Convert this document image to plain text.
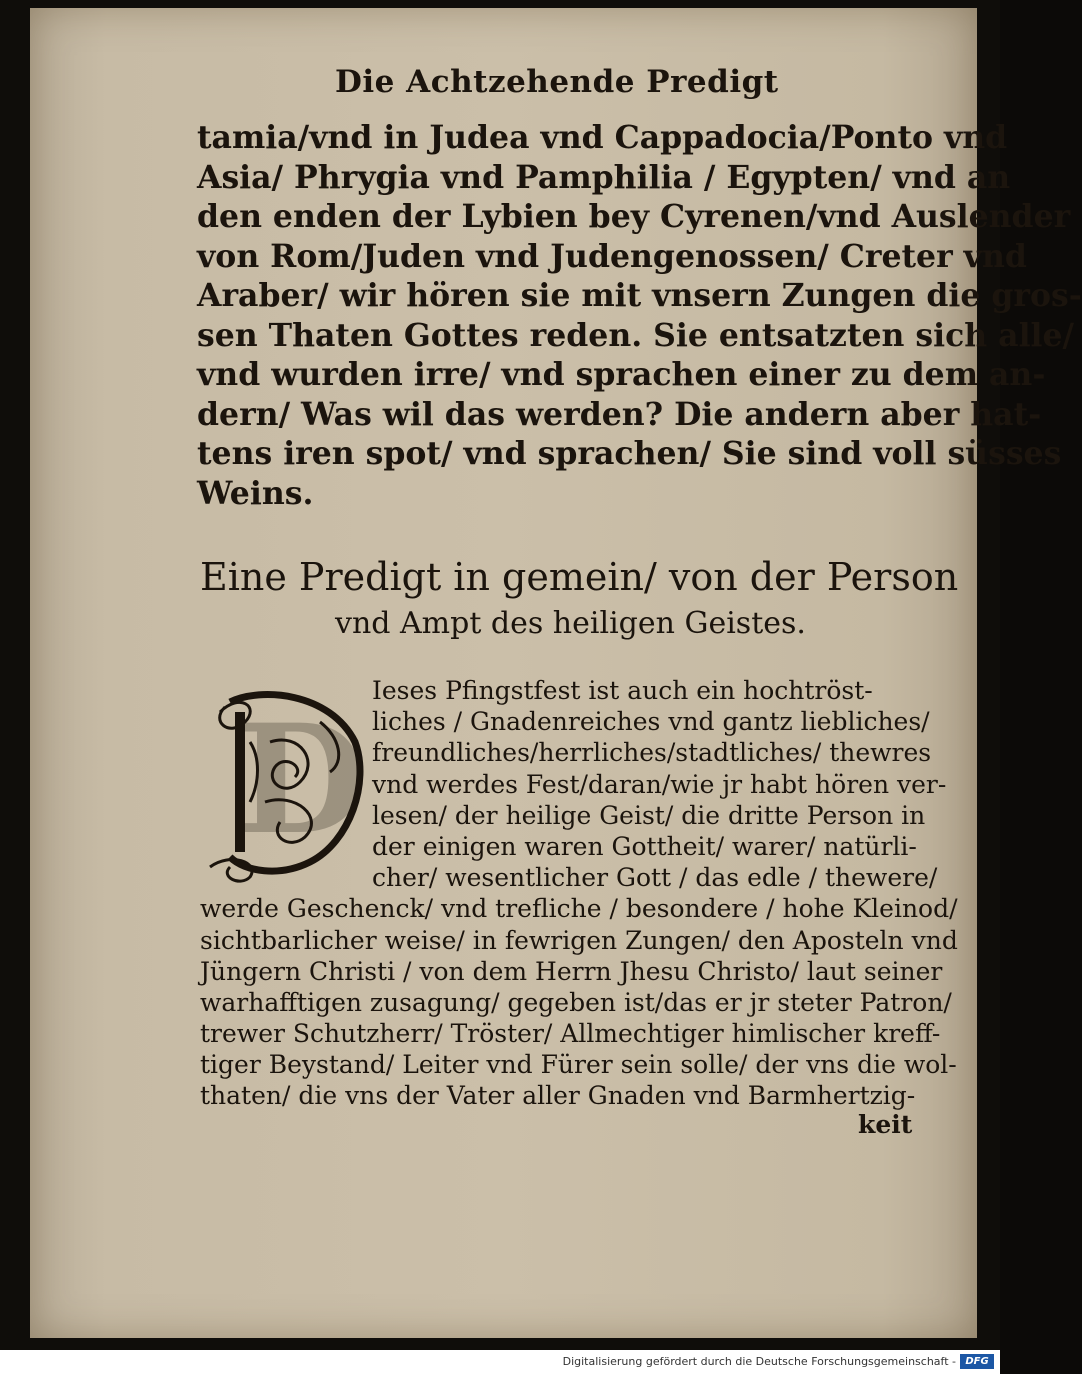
Die Achtzehende Predigt
tamia/vnd in Judea vnd Cappadocia/Ponto vnd
Asia/ Phrygia vnd Pamphilia / Egypten/ vnd an
den enden der Lybien bey Cyrenen/vnd Auslender
von Rom/Juden vnd Judengenossen/ Creter vnd
Araber/ wir hören sie mit vnsern Zungen die gros-
sen Thaten Gottes reden. Sie entsatzten sich alle/
vnd wurden irre/ vnd sprachen einer zu dem an-
dern/ Was wil das werden? Die andern aber hat-
tens iren spot/ vnd sprachen/ Sie sind voll süsses
Weins.
Eine Predigt in gemein/ von der Person
vnd Ampt des heiligen Geistes.
D
Ieses Pfingstfest ist auch ein hochtröst-
liches / Gnadenreiches vnd gantz liebliches/
freundliches/herrliches/stadtliches/ thewres
vnd werdes Fest/daran/wie jr habt hören ver-
lesen/ der heilige Geist/ die dritte Person in
der einigen waren Gottheit/ warer/ natürli-
cher/ wesentlicher Gott / das edle / thewere/
werde Geschenck/ vnd trefliche / besondere / hohe Kleinod/
sichtbarlicher weise/ in fewrigen Zungen/ den Aposteln vnd
Jüngern Christi / von dem Herrn Jhesu Christo/ laut seiner
warhafftigen zusagung/ gegeben ist/das er jr steter Patron/
trewer Schutzherr/ Tröster/ Allmechtiger himlischer kreff-
tiger Beystand/ Leiter vnd Fürer sein solle/ der vns die wol-
thaten/ die vns der Vater aller Gnaden vnd Barmhertzig-
keit
Digitalisierung gefördert durch die Deutsche Forschungsgemeinschaft - DFG
